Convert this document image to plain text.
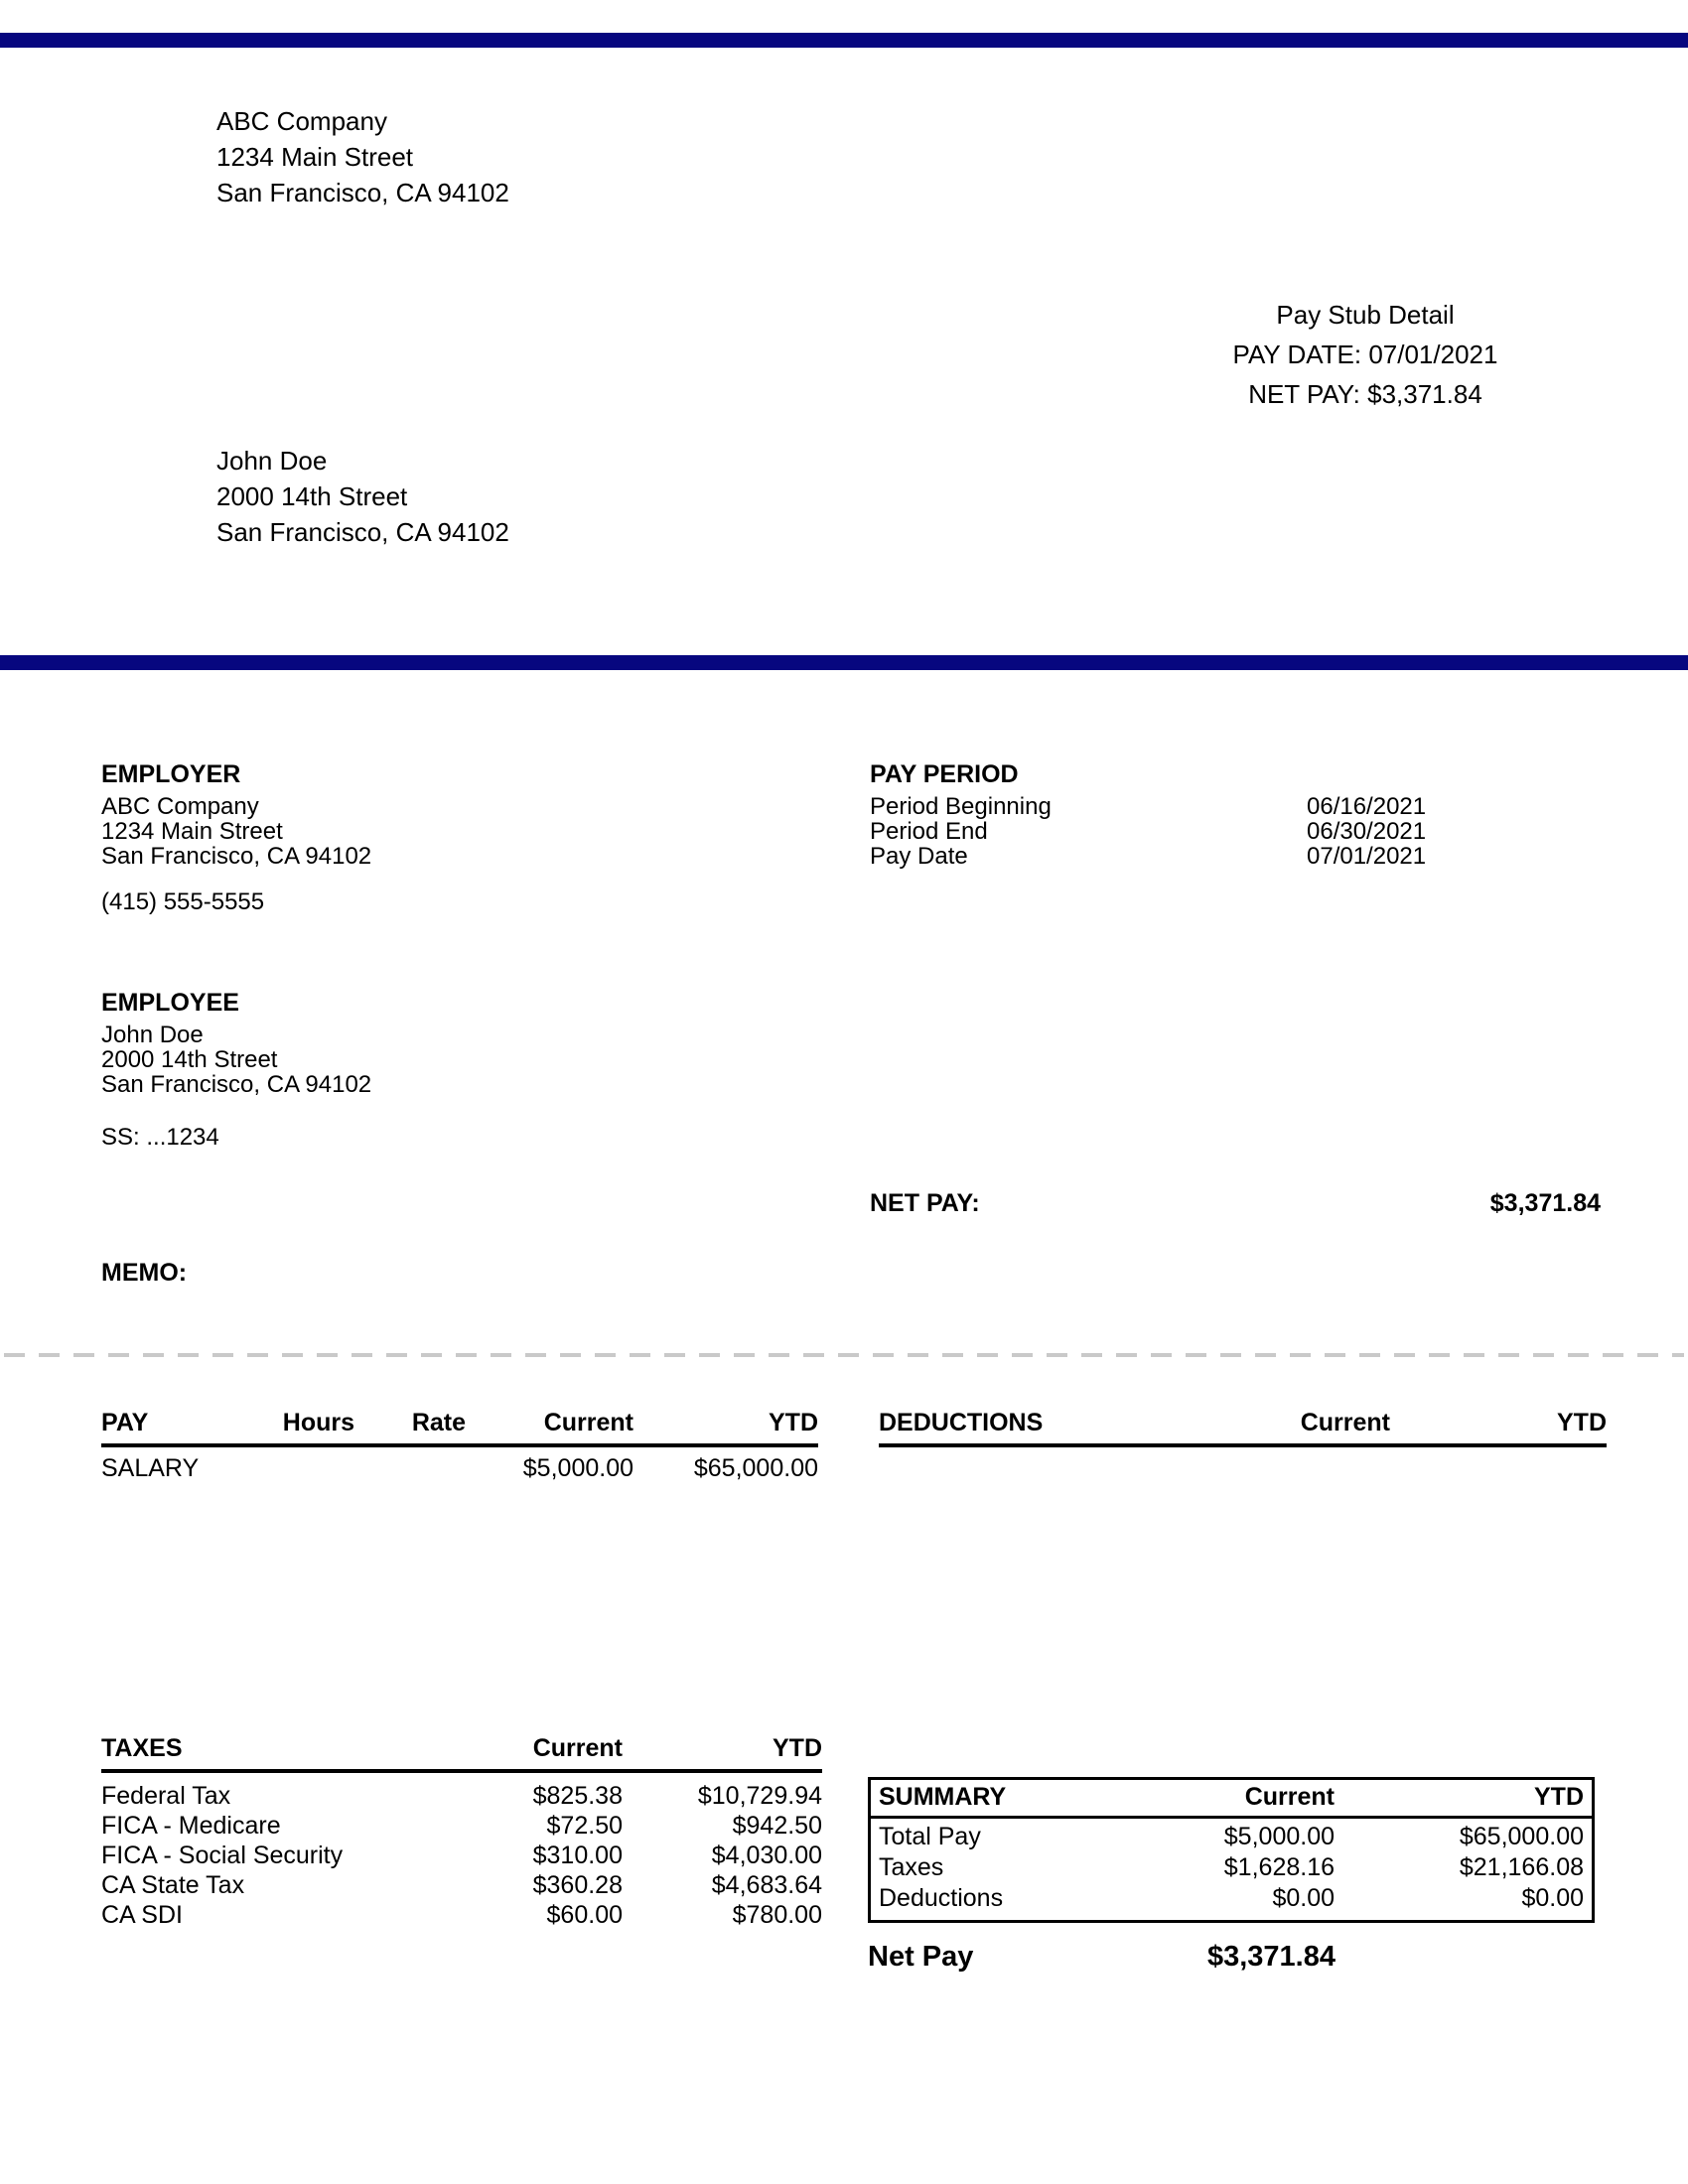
ABC Company
1234 Main Street
San Francisco, CA 94102
Pay Stub Detail
PAY DATE: 07/01/2021
NET PAY: $3,371.84
John Doe
2000 14th Street
San Francisco, CA 94102
EMPLOYER
ABC Company
1234 Main Street
San Francisco, CA 94102
(415) 555-5555
PAY PERIOD
Period Beginning	06/16/2021
Period End	06/30/2021
Pay Date	07/01/2021
EMPLOYEE
John Doe
2000 14th Street
San Francisco, CA 94102
SS: ...1234
NET PAY:	$3,371.84
MEMO:
PAY	Hours	Rate	Current	YTD
SALARY			$5,000.00	$65,000.00
DEDUCTIONS	Current	YTD
TAXES	Current	YTD
Federal Tax	$825.38	$10,729.94
FICA - Medicare	$72.50	$942.50
FICA - Social Security	$310.00	$4,030.00
CA State Tax	$360.28	$4,683.64
CA SDI	$60.00	$780.00
SUMMARY	Current	YTD
Total Pay	$5,000.00	$65,000.00
Taxes	$1,628.16	$21,166.08
Deductions	$0.00	$0.00
Net Pay	$3,371.84
